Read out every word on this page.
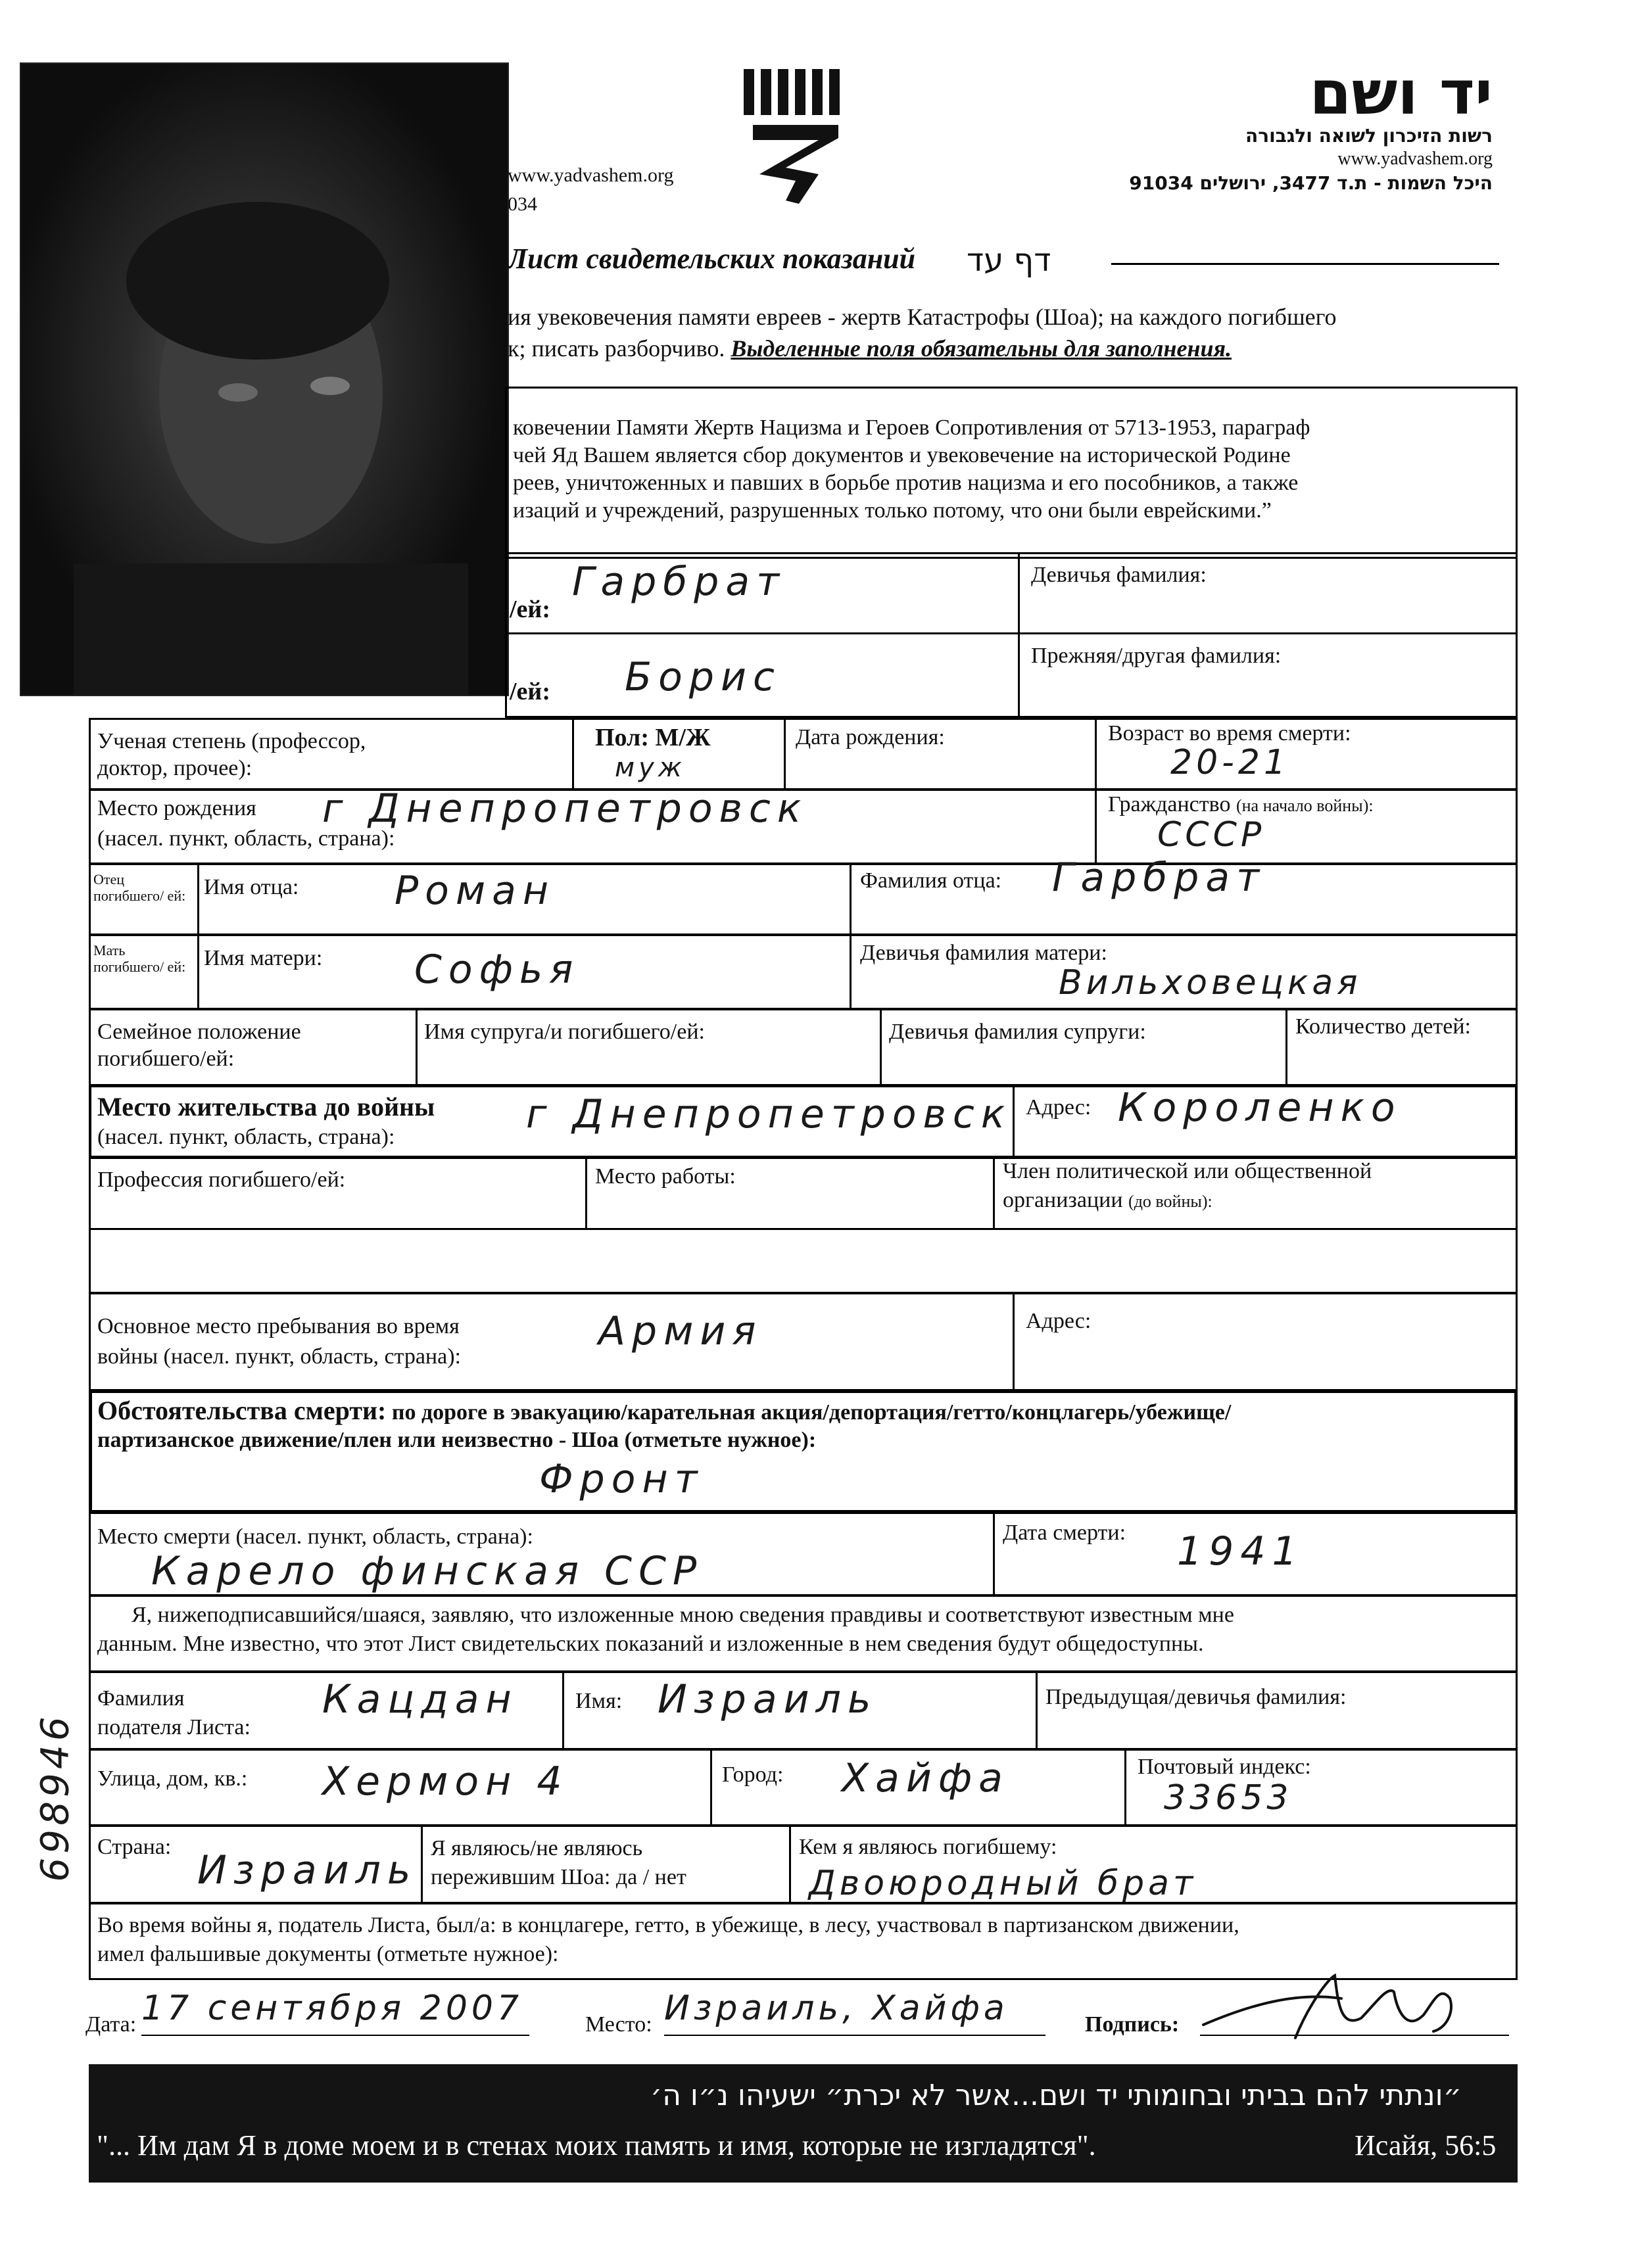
www.yadvashem.org
034
יד ושם
רשות הזיכרון לשואה ולגבורה
www.yadvashem.org
היכל השמות - ת.ד 3477, ירושלים 91034
Лист свидетельских показаний דף עד
ия увековечения памяти евреев - жертв Катастрофы (Шоа); на каждого погибшего
к; писать разборчиво. Выделенные поля обязательны для заполнения.
ковечении Памяти Жертв Нацизма и Героев Сопротивления от 5713-1953, параграф
чей Яд Вашем является сбор документов и увековечение на исторической Родине
реев, уничтоженных и павших в борьбе против нацизма и его пособников, а также
изаций и учреждений, разрушенных только потому, что они были еврейскими.”
/ей:
Гарбрат	Девичья фамилия:
/ей: Борис	Прежняя/другая фамилия:
Ученая степень (профессор, доктор, прочее):
Пол: М/Ж
муж
Дата рождения:	Возраст во время смерти:
20-21
Место рождения
(насел. пункт, область, страна):
г Днепропетровск	Гражданство (на начало войны):
СССР
Отец погибшего/ ей: Имя отца: Роман	Фамилия отца: Гарбрат
Мать погибшего/ ей: Имя матери: Софья	Девичья фамилия матери:
Вильховецкая
Семейное положение погибшего/ей:
Имя супруга/и погибшего/ей:	Девичья фамилия супруги:	Количество детей:
Место жительства до войны
(насел. пункт, область, страна):	г Днепропетровск Адрес: Короленко
Профессия погибшего/ей:	Место работы:	Член политической или общественной
организации (до войны):
Основное место пребывания во время
войны (насел. пункт, область, страна):
Армия	Адрес:
Обстоятельства смерти: по дороге в эвакуацию/карательная акция/депортация/гетто/концлагерь/убежище/
партизанское движение/плен или неизвестно - Шоа (отметьте нужное):
Фронт
Место смерти (насел. пункт, область, страна):
Карело финская ССР
Дата смерти: 1941
Я, нижеподписавшийся/шаяся, заявляю, что изложенные мною сведения правдивы и соответствуют известным мне
данным. Мне известно, что этот Лист свидетельских показаний и изложенные в нем сведения будут общедоступны.
Фамилия
подателя Листа:
Кацдан	Имя: Израиль	Предыдущая/девичья фамилия:
Улица, дом, кв.: Хермон 4	Город: Хайфа	Почтовый индекс:
33653
Страна:
Израиль Я являюсь/не являюсь
пережившим Шоа: да / нет
Кем я являюсь погибшему:
Двоюродный брат
Во время войны я, податель Листа, был/а: в концлагере, гетто, в убежище, в лесу, участвовал в партизанском движении,
имел фальшивые документы (отметьте нужное):
Дата: 17 сентября 2007	Место: Израиль, Хайфа	Подпись:
698946
״ונתתי להם בביתי ובחומותי יד ושם...אשר לא יכרת״ ישעיהו נ״ו ה׳
"... Им дам Я в доме моем и в стенах моих память и имя, которые не изгладятся".	Исайя, 56:5
